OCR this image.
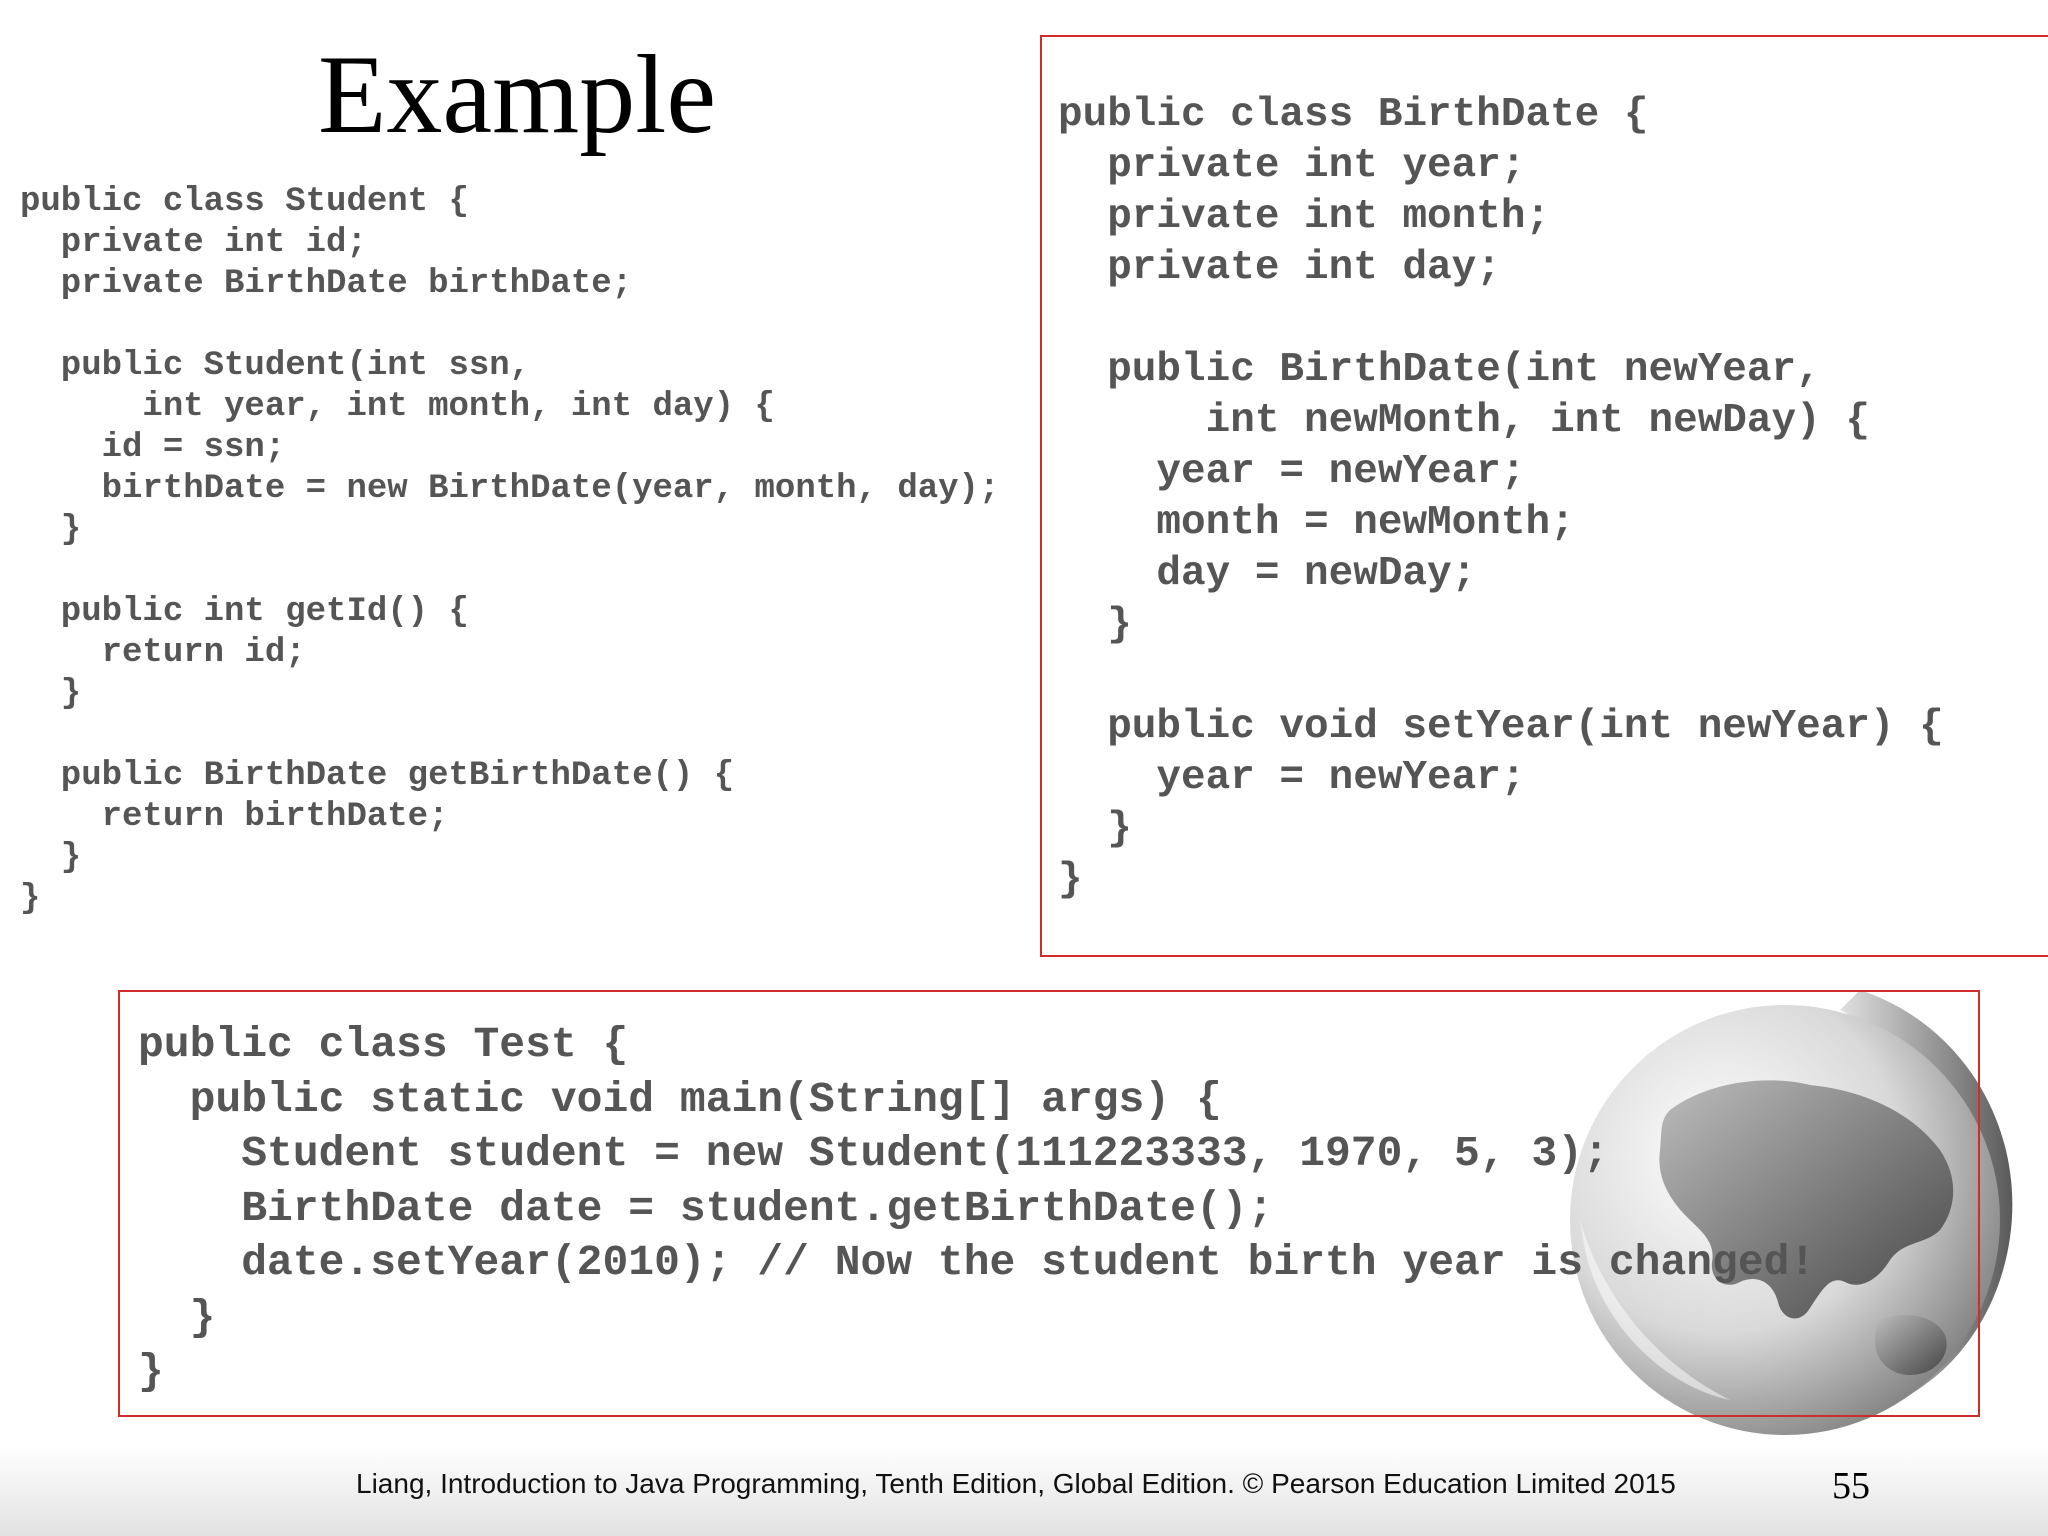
Example
public class Student {
private int id;
private BirthDate birthDate;

public Student(int ssn,
int year, int month, int day) {
id = ssn;
birthDate = new BirthDate(year, month, day);
}

public int getId() {
return id;
}

public BirthDate getBirthDate() {
return birthDate;
}
}
public class BirthDate {
private int year;
private int month;
private int day;

public BirthDate(int newYear,
int newMonth, int newDay) {
year = newYear;
month = newMonth;
day = newDay;
}

public void setYear(int newYear) {
year = newYear;
}
}
public class Test {
public static void main(String[] args) {
Student student = new Student(111223333, 1970, 5, 3);
BirthDate date = student.getBirthDate();
date.setYear(2010); // Now the student birth year is changed!
}
}
Liang, Introduction to Java Programming, Tenth Edition, Global Edition. © Pearson Education Limited 2015	55
